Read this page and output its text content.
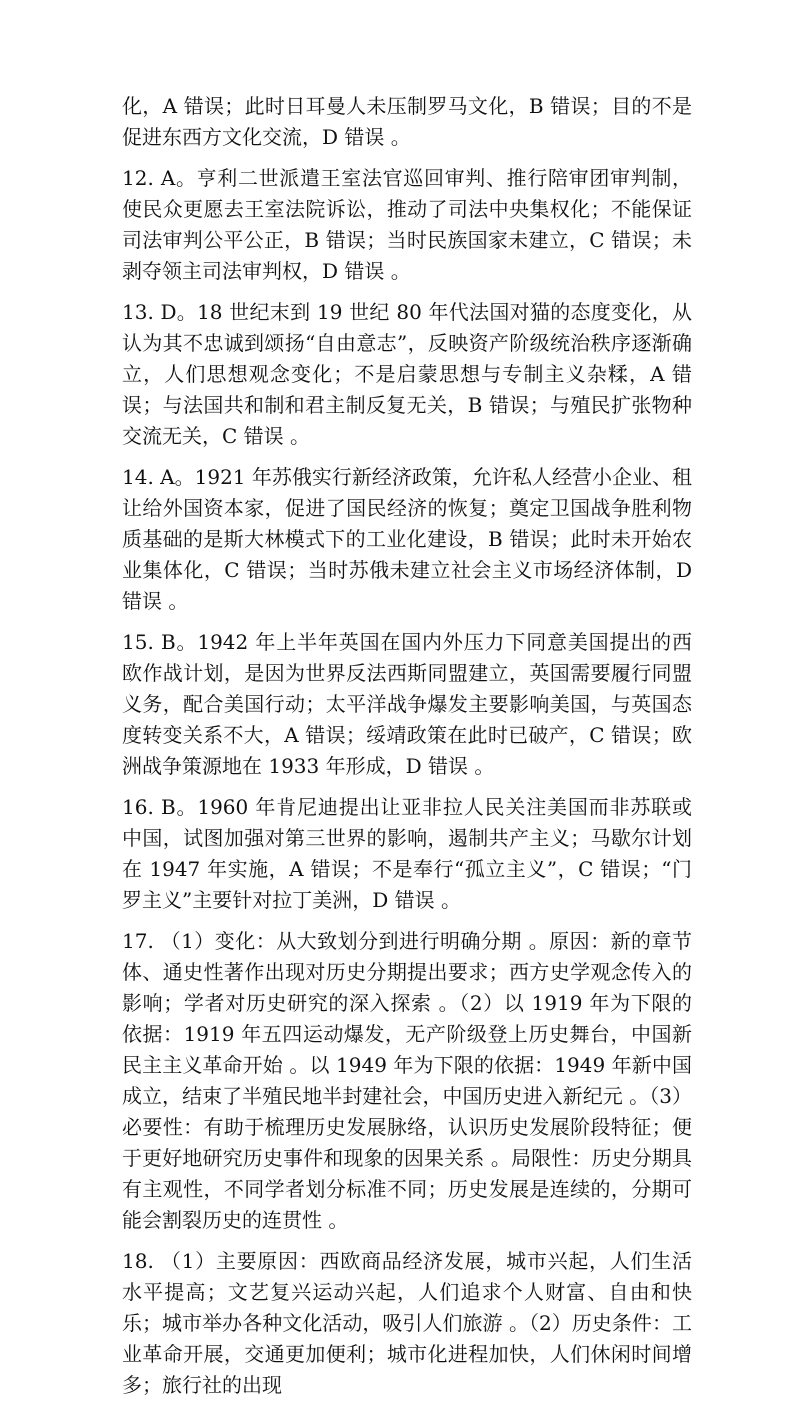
化，A 错误；此时日耳曼人未压制罗马文化，B 错误；目的不是促进东西方文化交流，D 错误 。

12. A。亨利二世派遣王室法官巡回审判、推行陪审团审判制，使民众更愿去王室法院诉讼，推动了司法中央集权化；不能保证司法审判公平公正，B 错误；当时民族国家未建立，C 错误；未剥夺领主司法审判权，D 错误 。

13. D。18 世纪末到 19 世纪 80 年代法国对猫的态度变化，从认为其不忠诚到颂扬“自由意志”，反映资产阶级统治秩序逐渐确立，人们思想观念变化；不是启蒙思想与专制主义杂糅，A 错误；与法国共和制和君主制反复无关，B 错误；与殖民扩张物种交流无关，C 错误 。

14. A。1921 年苏俄实行新经济政策，允许私人经营小企业、租让给外国资本家，促进了国民经济的恢复；奠定卫国战争胜利物质基础的是斯大林模式下的工业化建设，B 错误；此时未开始农业集体化，C 错误；当时苏俄未建立社会主义市场经济体制，D 错误 。

15. B。1942 年上半年英国在国内外压力下同意美国提出的西欧作战计划，是因为世界反法西斯同盟建立，英国需要履行同盟义务，配合美国行动；太平洋战争爆发主要影响美国，与英国态度转变关系不大，A 错误；绥靖政策在此时已破产，C 错误；欧洲战争策源地在 1933 年形成，D 错误 。

16. B。1960 年肯尼迪提出让亚非拉人民关注美国而非苏联或中国，试图加强对第三世界的影响，遏制共产主义；马歇尔计划在 1947 年实施，A 错误；不是奉行“孤立主义”，C 错误；“门罗主义”主要针对拉丁美洲，D 错误 。

17. （1）变化：从大致划分到进行明确分期 。原因：新的章节体、通史性著作出现对历史分期提出要求；西方史学观念传入的影响；学者对历史研究的深入探索 。（2）以 1919 年为下限的依据：1919 年五四运动爆发，无产阶级登上历史舞台，中国新民主主义革命开始 。以 1949 年为下限的依据：1949 年新中国成立，结束了半殖民地半封建社会，中国历史进入新纪元 。（3）必要性：有助于梳理历史发展脉络，认识历史发展阶段特征；便于更好地研究历史事件和现象的因果关系 。局限性：历史分期具有主观性，不同学者划分标准不同；历史发展是连续的，分期可能会割裂历史的连贯性 。

18. （1）主要原因：西欧商品经济发展，城市兴起，人们生活水平提高；文艺复兴运动兴起，人们追求个人财富、自由和快乐；城市举办各种文化活动，吸引人们旅游 。（2）历史条件：工业革命开展，交通更加便利；城市化进程加快，人们休闲时间增多；旅行社的出现
